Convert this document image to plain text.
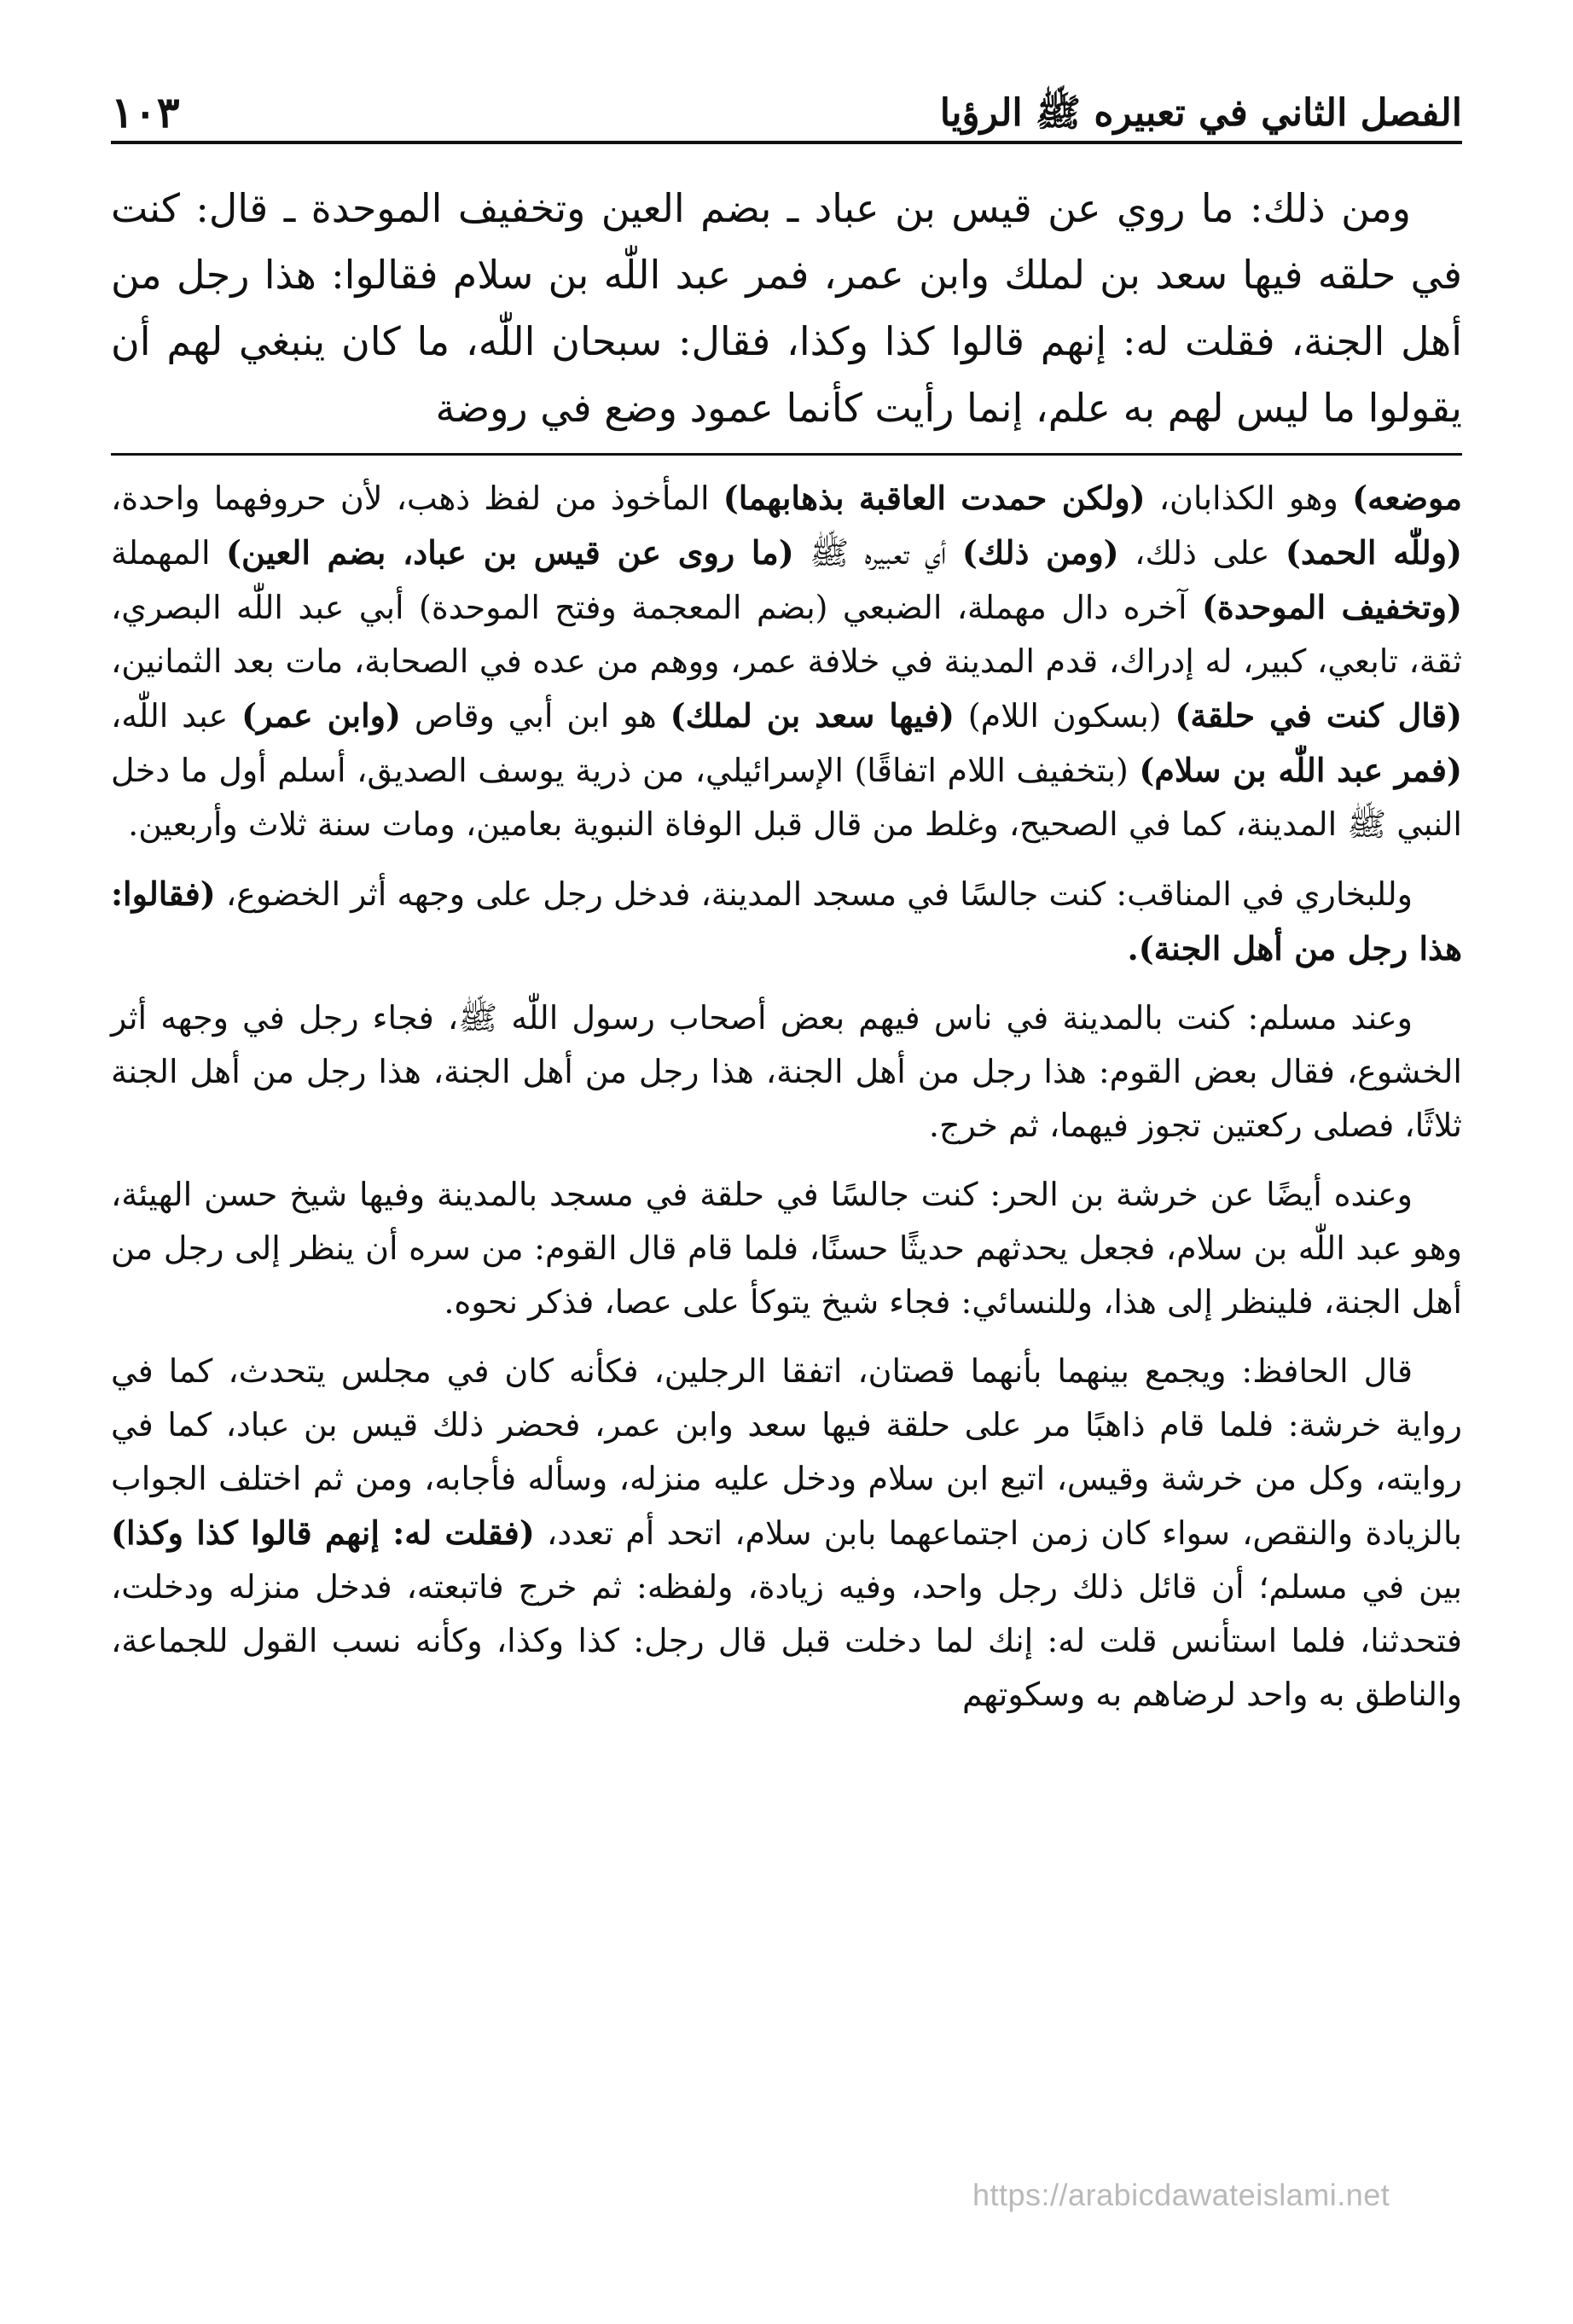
الفصل الثاني في تعبيره ﷺ الرؤيا
١٠٣

ومن ذلك: ما روي عن قيس بن عباد ـ بضم العين وتخفيف الموحدة ـ قال: كنت في حلقه فيها سعد بن لملك وابن عمر، فمر عبد اللّٰه بن سلام فقالوا: هذا رجل من أهل الجنة، فقلت له: إنهم قالوا كذا وكذا، فقال: سبحان اللّٰه، ما كان ينبغي لهم أن يقولوا ما ليس لهم به علم، إنما رأيت كأنما عمود وضع في روضة

موضعه) وهو الكذابان، (ولكن حمدت العاقبة بذهابهما) المأخوذ من لفظ ذهب، لأن حروفهما واحدة، (وللّٰه الحمد) على ذلك، (ومن ذلك) أي تعبيره ﷺ (ما روى عن قيس بن عباد، بضم العين) المهملة (وتخفيف الموحدة) آخره دال مهملة، الضبعي (بضم المعجمة وفتح الموحدة) أبي عبد اللّٰه البصري، ثقة، تابعي، كبير، له إدراك، قدم المدينة في خلافة عمر، ووهم من عده في الصحابة، مات بعد الثمانين، (قال كنت في حلقة) (بسكون اللام) (فيها سعد بن لملك) هو ابن أبي وقاص (وابن عمر) عبد اللّٰه، (فمر عبد اللّٰه بن سلام) (بتخفيف اللام اتفاقًا) الإسرائيلي، من ذرية يوسف الصديق، أسلم أول ما دخل النبي ﷺ المدينة، كما في الصحيح، وغلط من قال قبل الوفاة النبوية بعامين، ومات سنة ثلاث وأربعين.

وللبخاري في المناقب: كنت جالسًا في مسجد المدينة، فدخل رجل على وجهه أثر الخضوع، (فقالوا: هذا رجل من أهل الجنة).

وعند مسلم: كنت بالمدينة في ناس فيهم بعض أصحاب رسول اللّٰه ﷺ، فجاء رجل في وجهه أثر الخشوع، فقال بعض القوم: هذا رجل من أهل الجنة، هذا رجل من أهل الجنة، هذا رجل من أهل الجنة ثلاثًا، فصلى ركعتين تجوز فيهما، ثم خرج.

وعنده أيضًا عن خرشة بن الحر: كنت جالسًا في حلقة في مسجد بالمدينة وفيها شيخ حسن الهيئة، وهو عبد اللّٰه بن سلام، فجعل يحدثهم حديثًا حسنًا، فلما قام قال القوم: من سره أن ينظر إلى رجل من أهل الجنة، فلينظر إلى هذا، وللنسائي: فجاء شيخ يتوكأ على عصا، فذكر نحوه.

قال الحافظ: ويجمع بينهما بأنهما قصتان، اتفقا الرجلين، فكأنه كان في مجلس يتحدث، كما في رواية خرشة: فلما قام ذاهبًا مر على حلقة فيها سعد وابن عمر، فحضر ذلك قيس بن عباد، كما في روايته، وكل من خرشة وقيس، اتبع ابن سلام ودخل عليه منزله، وسأله فأجابه، ومن ثم اختلف الجواب بالزيادة والنقص، سواء كان زمن اجتماعهما بابن سلام، اتحد أم تعدد، (فقلت له: إنهم قالوا كذا وكذا) بين في مسلم؛ أن قائل ذلك رجل واحد، وفيه زيادة، ولفظه: ثم خرج فاتبعته، فدخل منزله ودخلت، فتحدثنا، فلما استأنس قلت له: إنك لما دخلت قبل قال رجل: كذا وكذا، وكأنه نسب القول للجماعة، والناطق به واحد لرضاهم به وسكوتهم

https://arabicdawateislami.net
